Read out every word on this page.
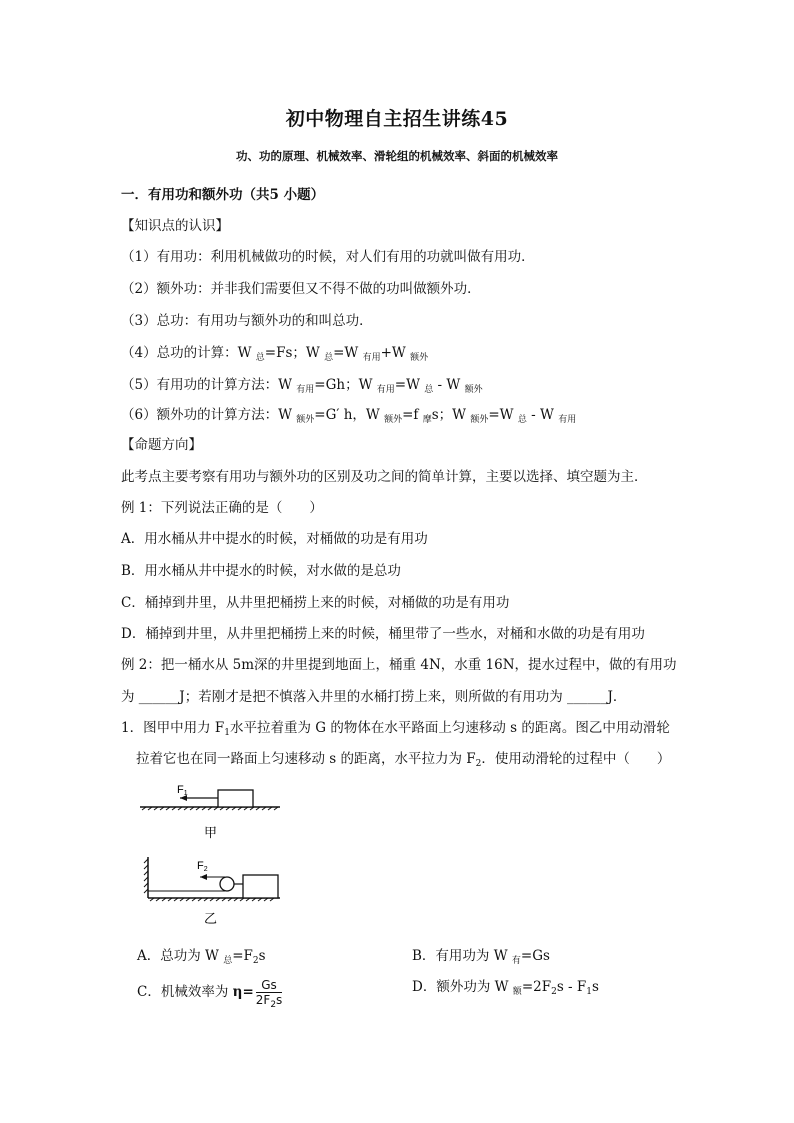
初中物理自主招生讲练45
功、功的原理、机械效率、滑轮组的机械效率、斜面的机械效率
一．有用功和额外功（共5 小题）
【知识点的认识】
（1）有用功：利用机械做功的时候，对人们有用的功就叫做有用功．
（2）额外功：并非我们需要但又不得不做的功叫做额外功．
（3）总功：有用功与额外功的和叫总功．
（4）总功的计算：W $_总$=Fs；W $_总$=W $_{有用}$+W $_{额外}$
（5）有用功的计算方法：W $_{有用}$=Gh；W $_{有用}$=W $_总$ - W $_{额外}$
（6）额外功的计算方法：W $_{额外}$=G′ h，W $_{额外}$=f $_摩$s；W $_{额外}$=W $_总$ - W $_{有用}$
【命题方向】
此考点主要考察有用功与额外功的区别及功之间的简单计算，主要以选择、填空题为主．
例 1：下列说法正确的是（　　）
A．用水桶从井中提水的时候，对桶做的功是有用功
B．用水桶从井中提水的时候，对水做的是总功
C．桶掉到井里，从井里把桶捞上来的时候，对桶做的功是有用功
D．桶掉到井里，从井里把桶捞上来的时候，桶里带了一些水，对桶和水做的功是有用功
例 2：把一桶水从 5m深的井里提到地面上，桶重 4N，水重 16N，提水过程中，做的有用功
为 ______J；若刚才是把不慎落入井里的水桶打捞上来，则所做的有用功为 ______J．
1．图甲中用力 $F_1$水平拉着重为 G 的物体在水平路面上匀速移动 s 的距离。图乙中用动滑轮
拉着它也在同一路面上匀速移动 s 的距离，水平拉力为 $F_2$．使用动滑轮的过程中（　　）
F1
甲
F2
乙
A．总功为 W $_总=F_2s$	B．有用功为 W $_有$=Gs
C．机械效率为 $\eta= \frac{Gs}{2F_2s}$	D．额外功为 W $_额=2F_2s - F_1s$
